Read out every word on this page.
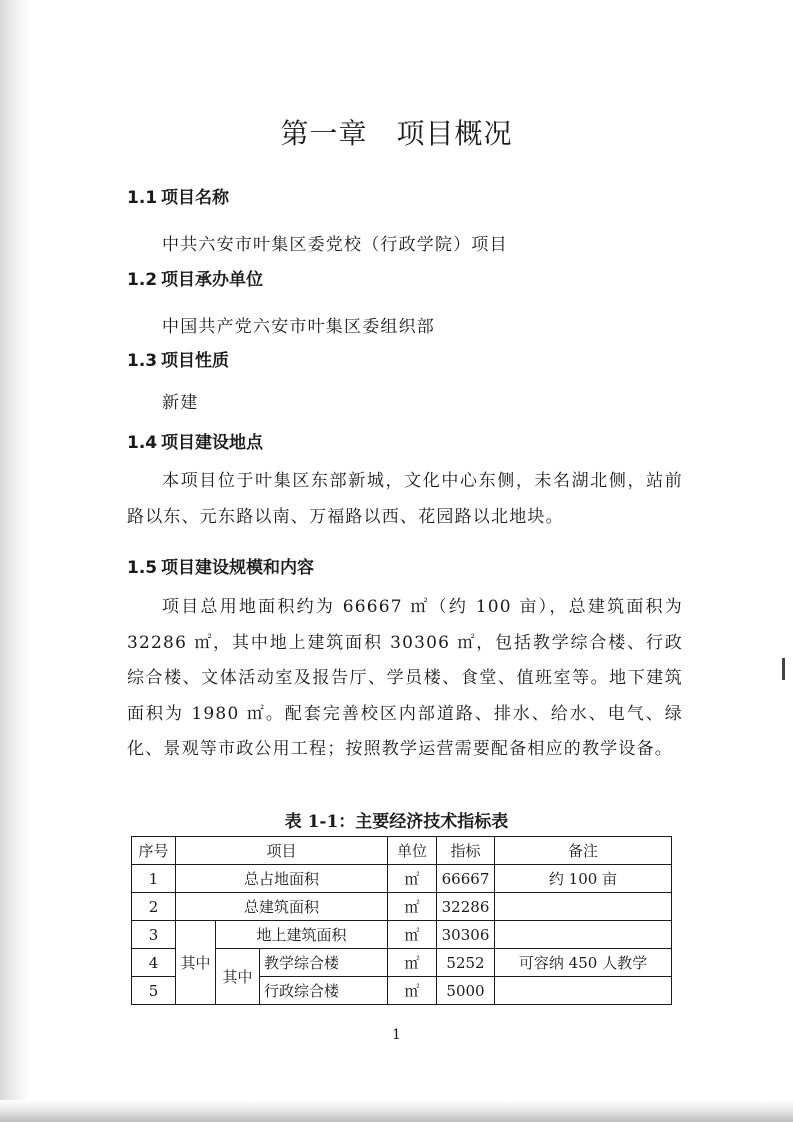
第一章　项目概况
1.1 项目名称
中共六安市叶集区委党校（行政学院）项目
1.2 项目承办单位
中国共产党六安市叶集区委组织部
1.3 项目性质
新建
1.4 项目建设地点
本项目位于叶集区东部新城，文化中心东侧，未名湖北侧，站前路以东、元东路以南、万福路以西、花园路以北地块。
1.5 项目建设规模和内容
项目总用地面积约为 66667 ㎡（约 100 亩），总建筑面积为 32286 ㎡，其中地上建筑面积 30306 ㎡，包括教学综合楼、行政综合楼、文体活动室及报告厅、学员楼、食堂、值班室等。地下建筑面积为 1980 ㎡。配套完善校区内部道路、排水、给水、电气、绿化、景观等市政公用工程；按照教学运营需要配备相应的教学设备。
表 1-1：主要经济技术指标表
序号	项目			单位	指标	备注
1	总占地面积			㎡	66667	约 100 亩
2	总建筑面积			㎡	32286	
3	其中	地上建筑面积		㎡	30306	
4		其中	教学综合楼	㎡	5252	可容纳 450 人教学
5			行政综合楼	㎡	5000	
1
